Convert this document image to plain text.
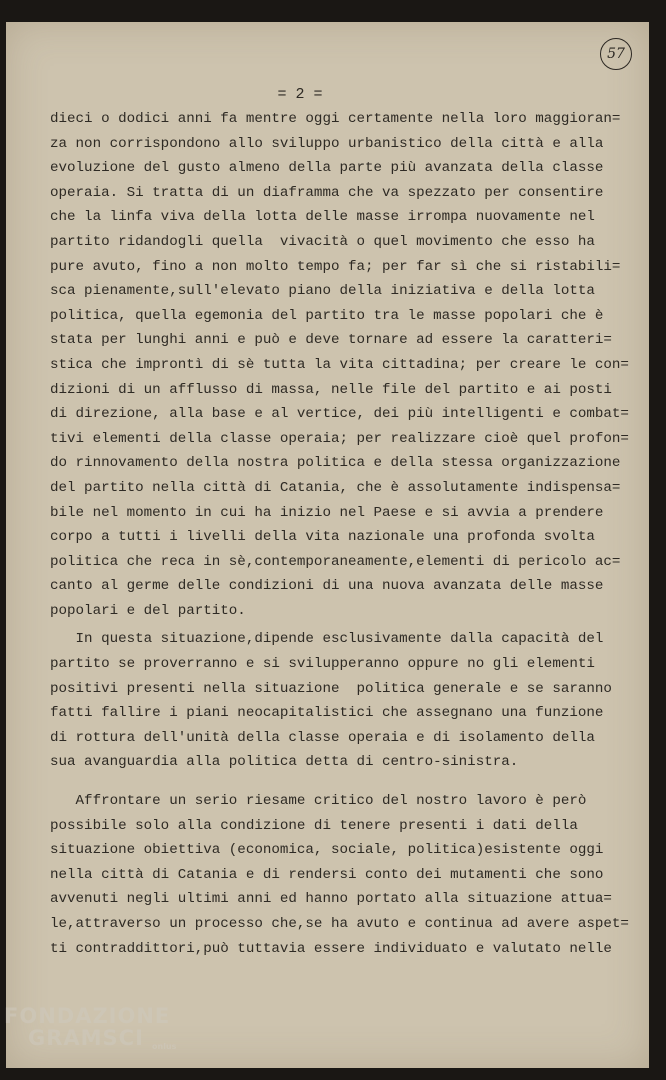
57
= 2 =
dieci o dodici anni fa mentre oggi certamente nella loro maggioran=
za non corrispondono allo sviluppo urbanistico della città e alla
evoluzione del gusto almeno della parte più avanzata della classe
operaia. Si tratta di un diaframma che va spezzato per consentire
che la linfa viva della lotta delle masse irrompa nuovamente nel
partito ridandogli quella  vivacità o quel movimento che esso ha
pure avuto, fino a non molto tempo fa; per far sì che si ristabili=
sca pienamente,sull'elevato piano della iniziativa e della lotta
politica, quella egemonia del partito tra le masse popolari che è
stata per lunghi anni e può e deve tornare ad essere la caratteri=
stica che improntì di sè tutta la vita cittadina; per creare le con=
dizioni di un afflusso di massa, nelle file del partito e ai posti
di direzione, alla base e al vertice, dei più intelligenti e combat=
tivi elementi della classe operaia; per realizzare cioè quel profon=
do rinnovamento della nostra politica e della stessa organizzazione
del partito nella città di Catania, che è assolutamente indispensa=
bile nel momento in cui ha inizio nel Paese e si avvia a prendere
corpo a tutti i livelli della vita nazionale una profonda svolta
politica che reca in sè,contemporaneamente,elementi di pericolo ac=
canto al germe delle condizioni di una nuova avanzata delle masse
popolari e del partito.
In questa situazione,dipende esclusivamente dalla capacità del
partito se proverranno e si svilupperanno oppure no gli elementi
positivi presenti nella situazione  politica generale e se saranno
fatti fallire i piani neocapitalistici che assegnano una funzione
di rottura dell'unità della classe operaia e di isolamento della
sua avanguardia alla politica detta di centro-sinistra.
Affrontare un serio riesame critico del nostro lavoro è però
possibile solo alla condizione di tenere presenti i dati della
situazione obiettiva (economica, sociale, politica)esistente oggi
nella città di Catania e di rendersi conto dei mutamenti che sono
avvenuti negli ultimi anni ed hanno portato alla situazione attua=
le,attraverso un processo che,se ha avuto e continua ad avere aspet=
ti contraddittori,può tuttavia essere individuato e valutato nelle
FONDAZIONE
GRAMSCI	onlus
